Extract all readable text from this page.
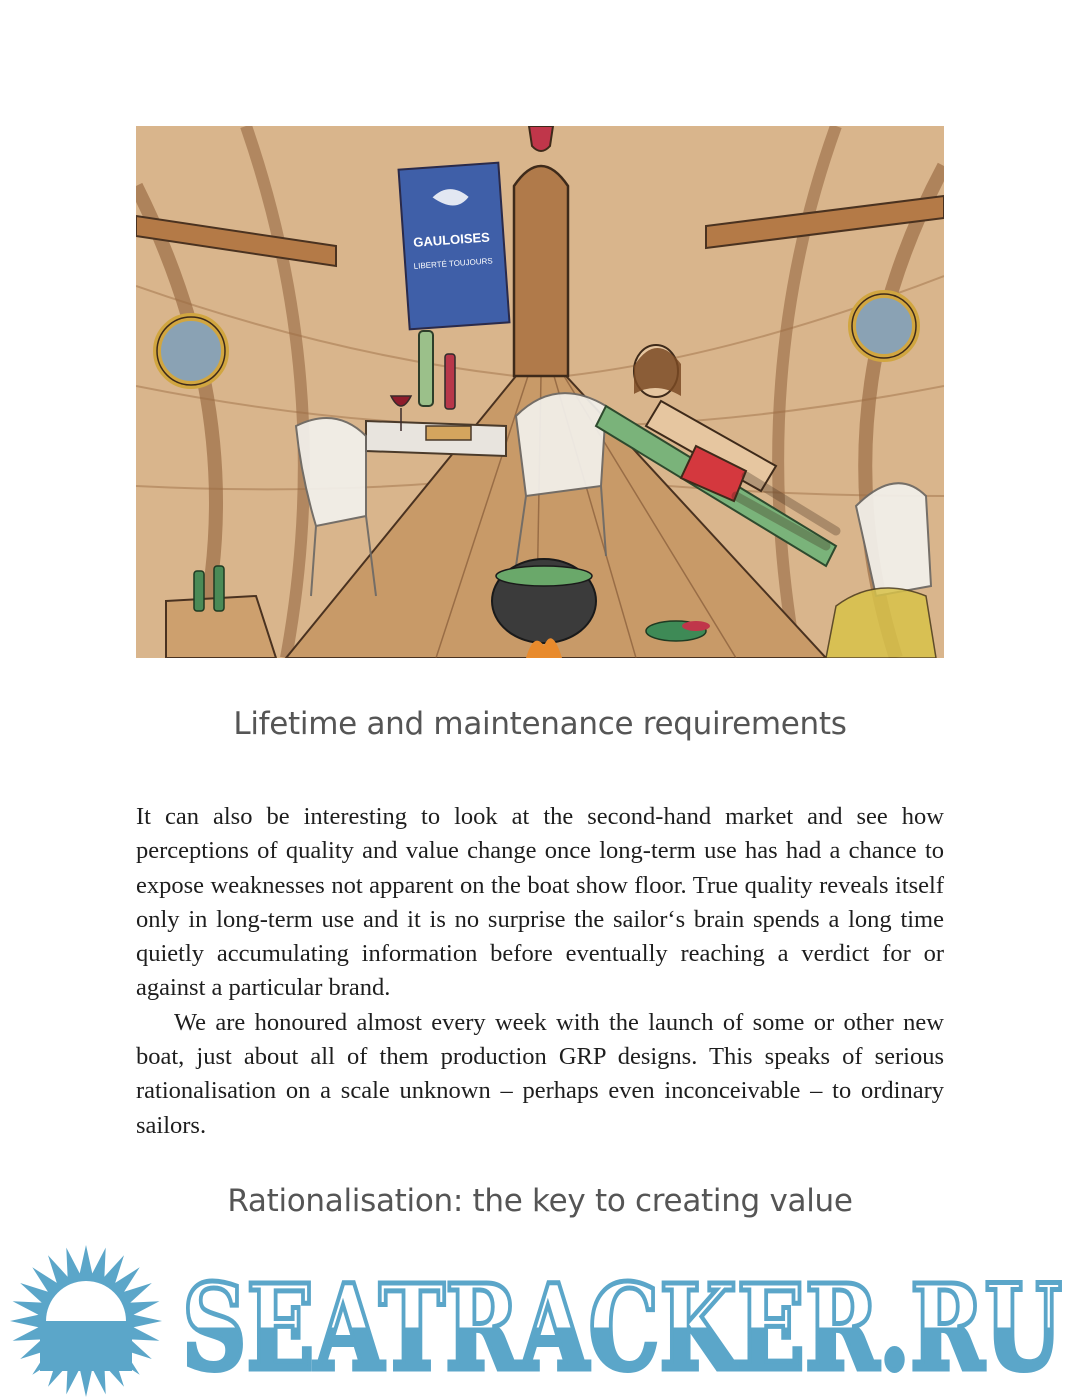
GAULOISES
LIBERTÉ TOUJOURS
Lifetime and maintenance requirements

It can also be interesting to look at the second-hand market and see how perceptions of quality and value change once long-term use has had a chance to expose weaknesses not apparent on the boat show floor. True quality reveals itself only in long-term use and it is no surprise the sailor‘s brain spends a long time quietly accumulating information before eventually reaching a verdict for or against a particular brand.

We are honoured almost every week with the launch of some or other new boat, just about all of them production GRP designs. This speaks of serious rationalisation on a scale unknown – perhaps even inconceivable – to ordinary sailors.

Rationalisation: the key to creating value
SEATRACKER.RU
